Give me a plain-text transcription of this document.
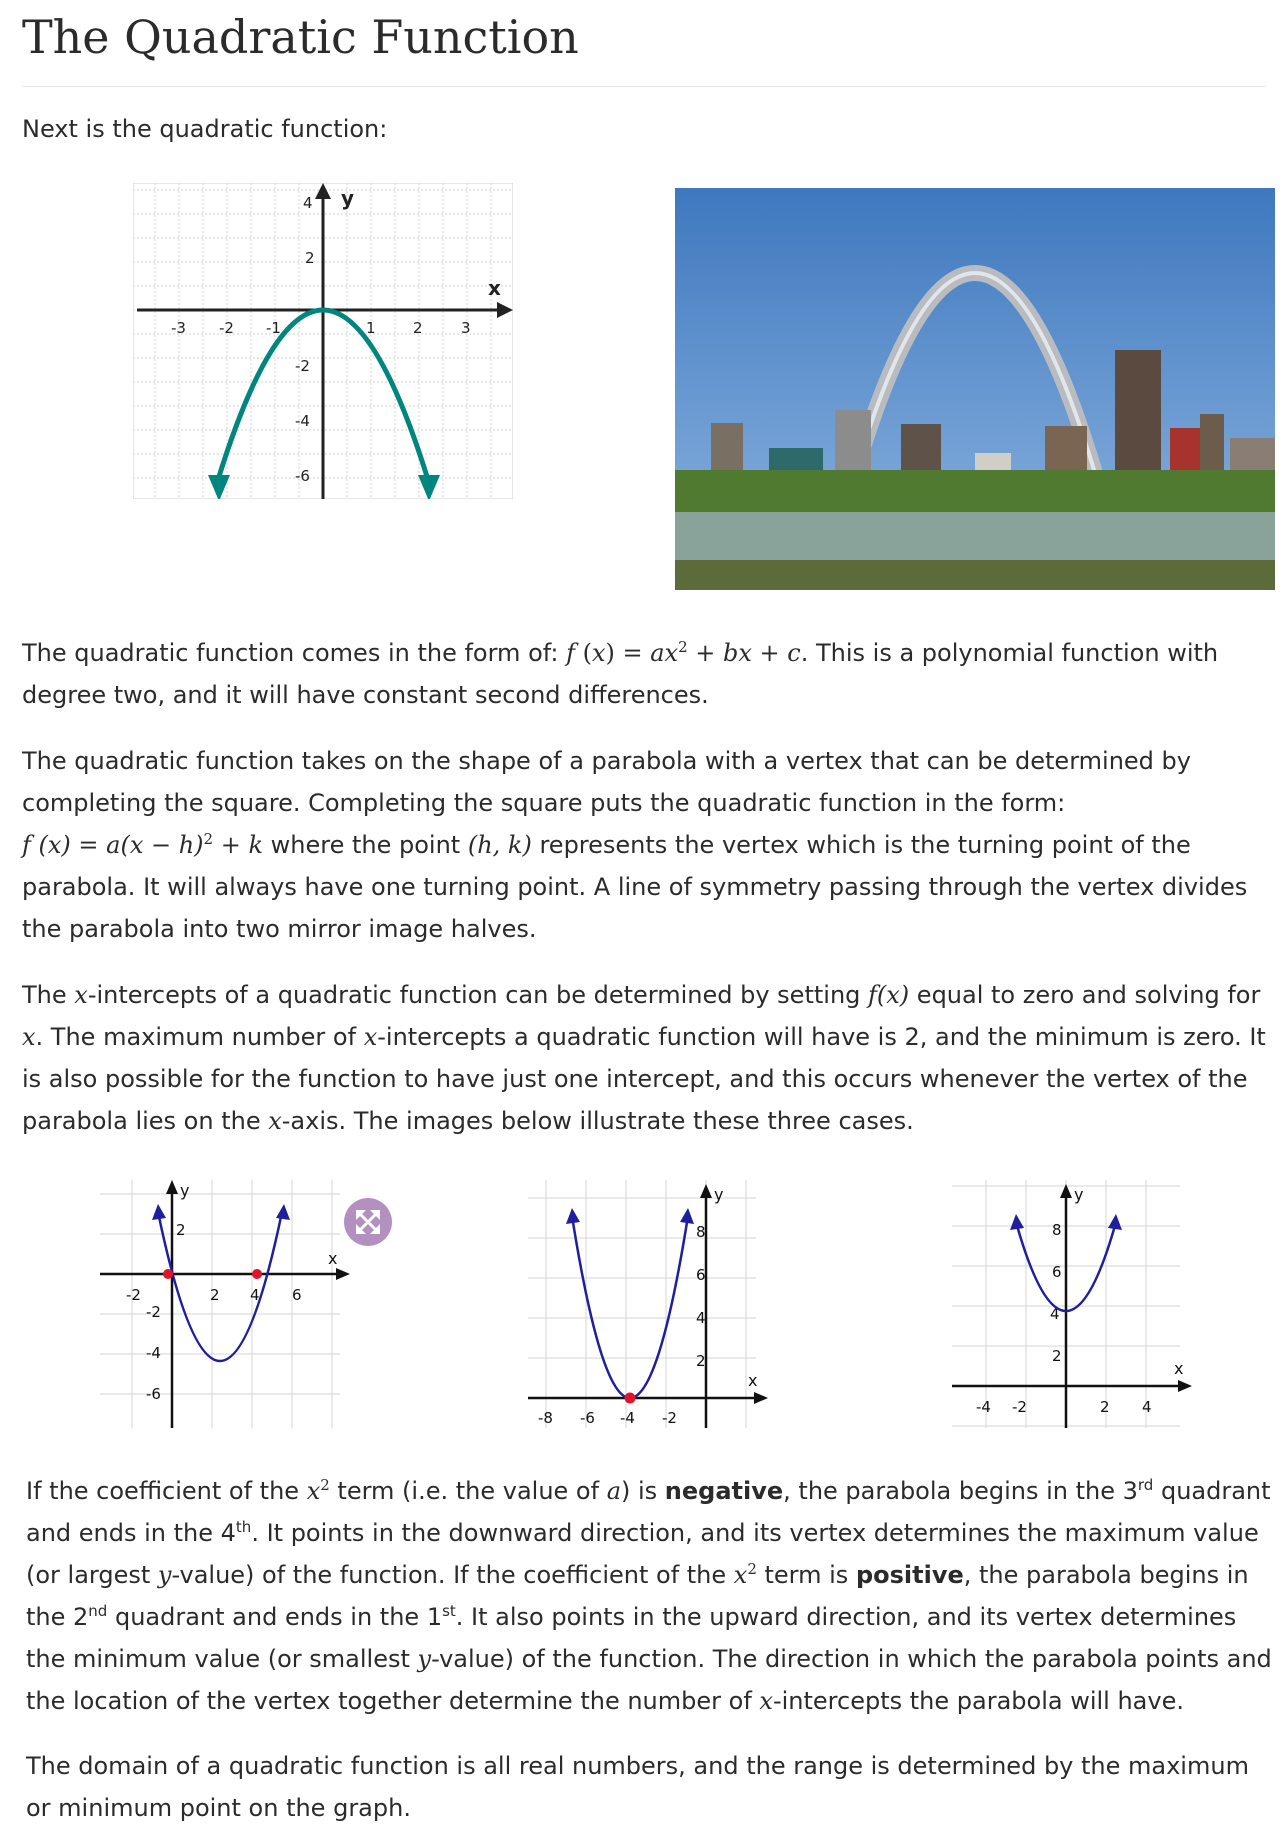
The Quadratic Function

Next is the quadratic function:

x
y
-3 -2 -1	1 2	3
4
2
-2
-4
-6

The quadratic function comes in the form of: f $(x) = ax^2$ + bx + c. This is a polynomial function with degree two, and it will have constant second differences.

The quadratic function takes on the shape of a parabola with a vertex that can be determined by completing the square. Completing the square puts the quadratic function in the form:
f $(x) = a(x - h)^2 + k$ where the point (h, k) represents the vertex which is the turning point of the parabola. It will always have one turning point. A line of symmetry passing through the vertex divides the parabola into two mirror image halves.

The x-intercepts of a quadratic function can be determined by setting f(x) equal to zero and solving for x. The maximum number of x-intercepts a quadratic function will have is 2, and the minimum is zero. It is also possible for the function to have just one intercept, and this occurs whenever the vertex of the parabola lies on the x-axis. The images below illustrate these three cases.

x
y
-2	2 4 6
2
-2
-4
-6
x
y
-8 -6 -4 -2
8
6
4
2	x
y
-4 -2	2 4
8
6
4
2

If the coefficient of the $x^2$ term (i.e. the value of a) is negative, the parabola begins in the 3rd quadrant and ends in the 4th. It points in the downward direction, and its vertex determines the maximum value (or largest y-value) of the function. If the coefficient of the $x^2$ term is positive, the parabola begins in the 2nd quadrant and ends in the 1st. It also points in the upward direction, and its vertex determines the minimum value (or smallest y-value) of the function. The direction in which the parabola points and the location of the vertex together determine the number of x-intercepts the parabola will have.

The domain of a quadratic function is all real numbers, and the range is determined by the maximum or minimum point on the graph.
